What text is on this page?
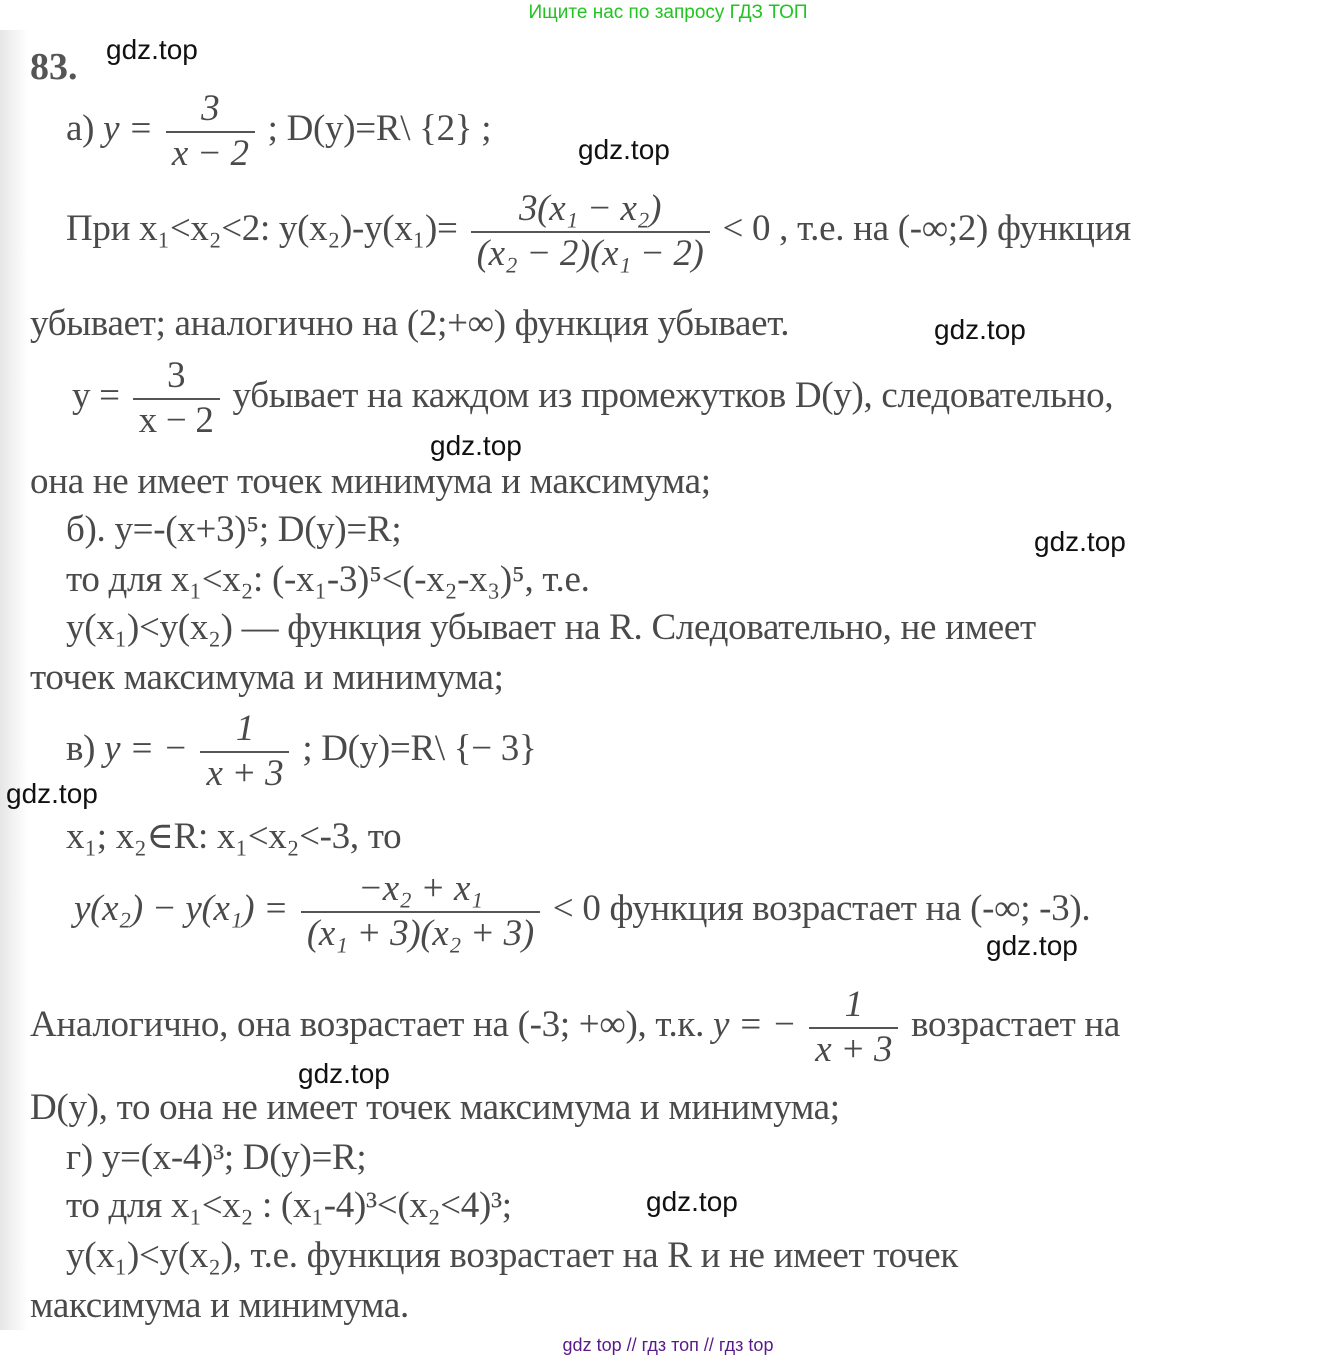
Ищите нас по запросу ГДЗ ТОП
83. gdz.top
а) $y = \frac{3}{x - 2}$ ; D(y)=R\ {2} ;
gdz.top
При x₁<x₂<2: $y(x_2)-y(x_1)= \frac{\text{3(x₁ − x₂)}}{\text{(x₂ − 2)(x₁ − 2)}} < 0$ , т.е. на (-∞;2) функция
убывает; аналогично на (2;+∞) функция убывает.	gdz.top
$y = \frac{3}{x - 2}$ убывает на каждом из промежутков D(y), следовательно,
gdz.top
она не имеет точек минимума и максимума;
б). y=-(x+3)⁵; D(y)=R;	gdz.top
то для x₁<x₂: (-x₁-3)⁵<(-x₂-x₃)⁵, т.е.
y(x₁)<y(x₂) — функция убывает на R. Следовательно, не имеет
точек максимума и минимума;
в) y = − $\frac{1}{x + 3}$ ; D(y)=R\ {− 3}
gdz.top
x₁; x₂∈R: x₁<x₂<-3, то
$y(x_2) - y(x_1) = \frac{\text{−x₂ + x₁}}{\text{(x₁ + 3)(x₂ + 3)}} < 0$ функция возрастает на (-∞; -3).
gdz.top
Аналогично, она возрастает на (-3; +∞), т.к. y = − $\frac{1}{x + 3}$ возрастает на
gdz.top
D(y), то она не имеет точек максимума и минимума;
г) y=(x-4)³; D(y)=R;
то для x₁<x₂ : (x₁-4)³<(x₂<4)³;	gdz.top
y(x₁)<y(x₂), т.е. функция возрастает на R и не имеет точек
максимума и минимума.
gdz top // гдз топ // гдз top
